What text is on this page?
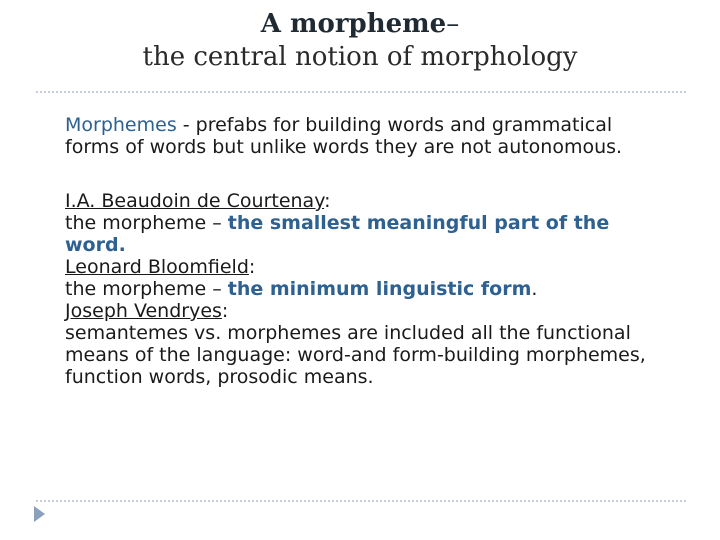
A morpheme–
the central notion of morphology

Morphemes - prefabs for building words and grammatical forms of words but unlike words they are not autonomous.

I.A. Beaudoin de Courtenay:
the morpheme – the smallest meaningful part of the word.
Leonard Bloomfield:
the morpheme – the minimum linguistic form.
Joseph Vendryes:
semantemes vs. morphemes are included all the functional means of the language: word-and form-building morphemes, function words, prosodic means.
